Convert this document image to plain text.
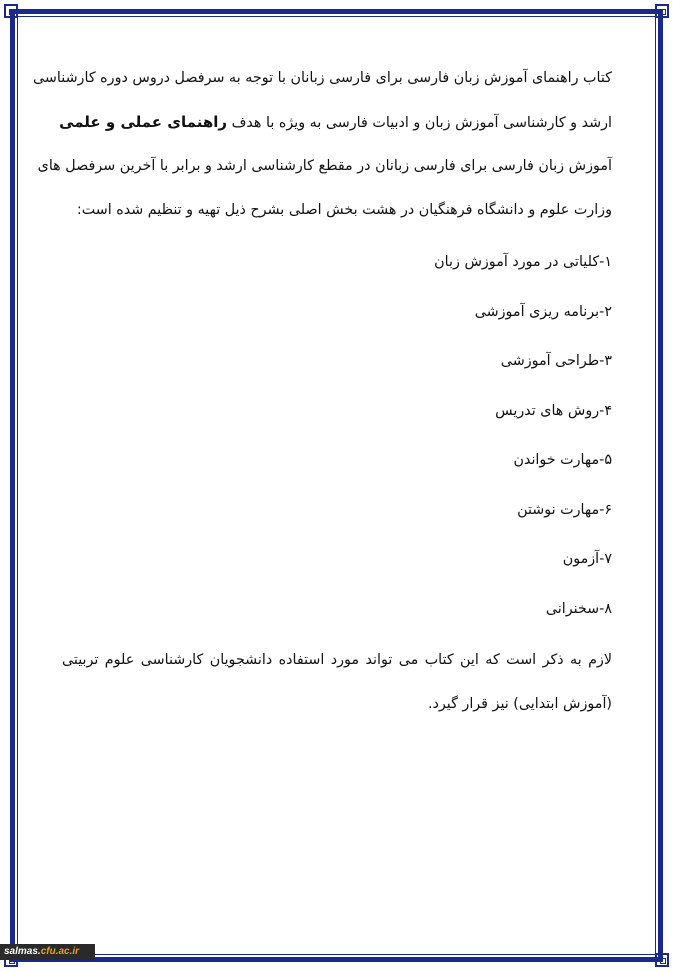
کتاب راهنمای آموزش زبان فارسی برای فارسی زبانان با توجه به سرفصل دروس دوره کارشناسی
ارشد و کارشناسی آموزش زبان و ادبیات فارسی به ویژه با هدف راهنمای عملی و علمی
آموزش زبان فارسی برای فارسی زبانان در مقطع کارشناسی ارشد و برابر با آخرین سرفصل های
وزارت علوم و دانشگاه فرهنگیان در هشت بخش اصلی بشرح ذیل تهیه و تنظیم شده است:
۱-کلیاتی در مورد آموزش زبان
۲-برنامه ریزی آموزشی
۳-طراحی آموزشی
۴-روش های تدریس
۵-مهارت خواندن
۶-مهارت نوشتن
۷-آزمون
۸-سخنرانی
لازم به ذکر است که این کتاب می تواند مورد استفاده دانشجویان کارشناسی علوم تربیتی
(آموزش ابتدایی) نیز قرار گیرد.
salmas.cfu.ac.ir
